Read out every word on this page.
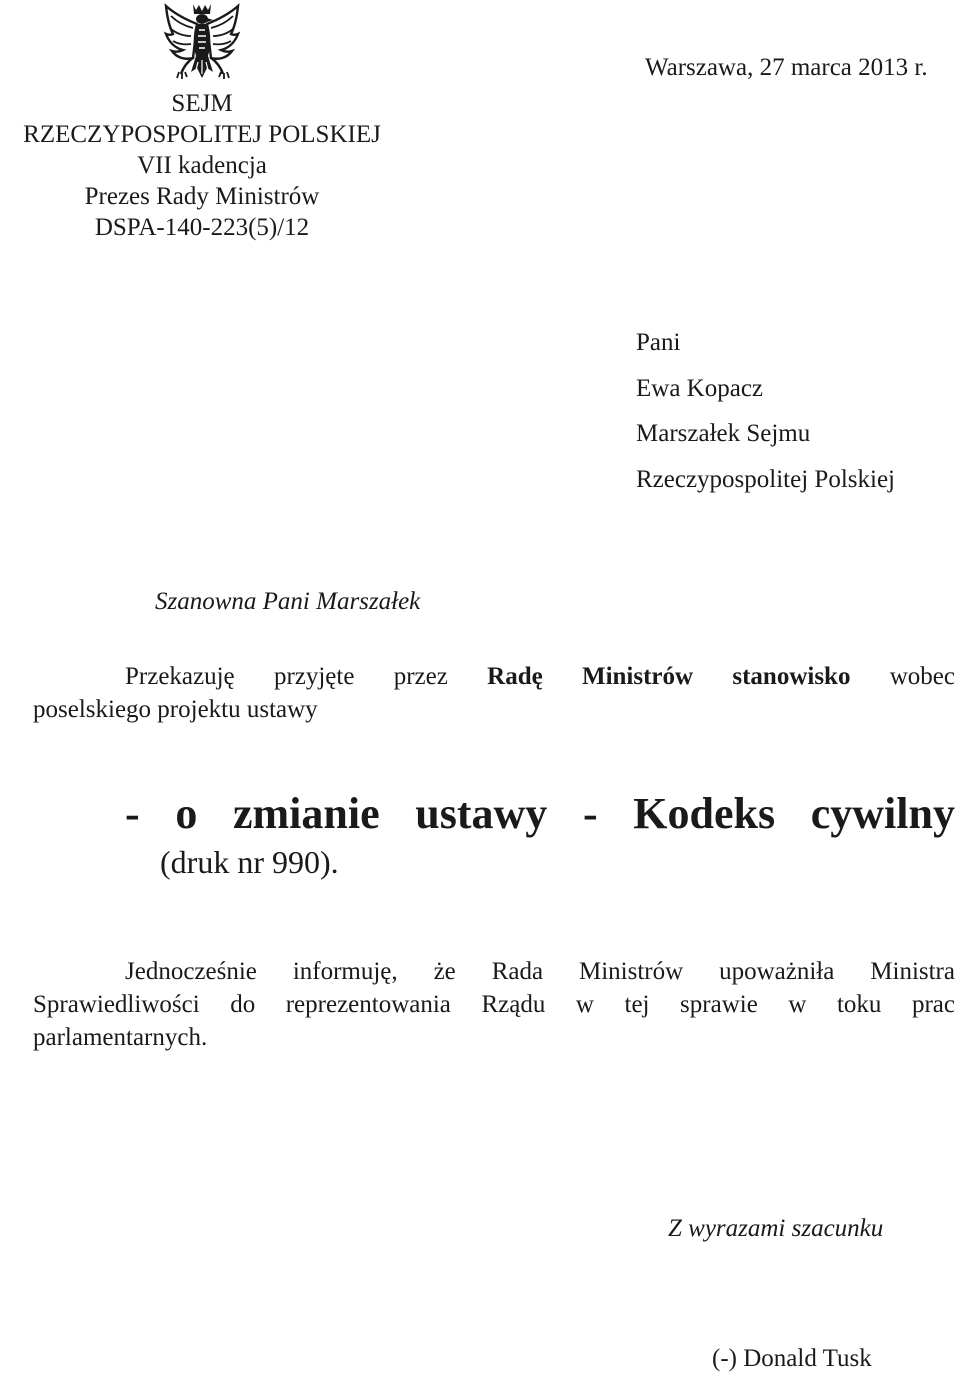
SEJM
RZECZYPOSPOLITEJ POLSKIEJ
VII kadencja
Prezes Rady Ministrów
DSPA-140-223(5)/12
Warszawa, 27 marca 2013 r.
Pani
Ewa Kopacz
Marszałek Sejmu
Rzeczypospolitej Polskiej
Szanowna Pani Marszałek
Przekazuję przyjęte przez Radę Ministrów stanowisko wobec
poselskiego projektu ustawy
- o zmianie ustawy - Kodeks cywilny
(druk nr 990).
Jednocześnie informuję, że Rada Ministrów upoważniła Ministra
Sprawiedliwości do reprezentowania Rządu w tej sprawie w toku prac
parlamentarnych.
Z wyrazami szacunku
(-) Donald Tusk
